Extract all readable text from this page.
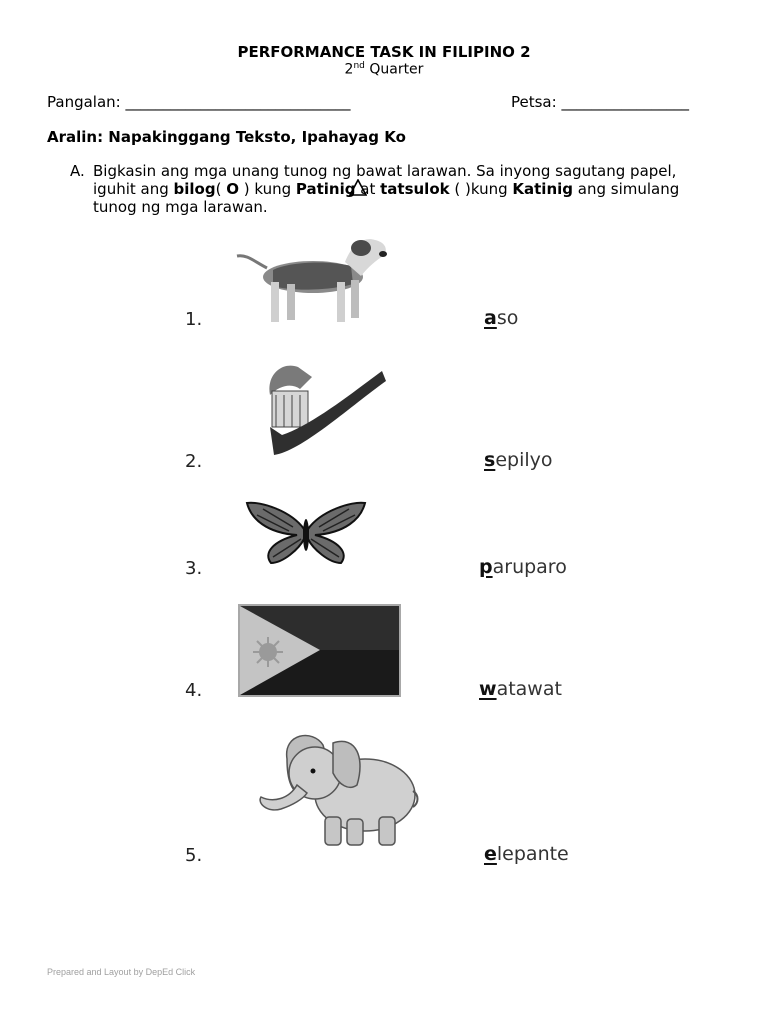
PERFORMANCE TASK IN FILIPINO 2
2nd Quarter
Pangalan: ______________________________	Petsa: _________________
Aralin: Napakinggang Teksto, Ipahayag Ko
A. Bigkasin ang mga unang tunog ng bawat larawan. Sa inyong sagutang papel,
iguhit ang bilog( O ) kung Patinig at tatsulok
( )kung Katinig ang simulang
tunog ng mga larawan.
1.	aso
2.	sepilyo
3.	paruparo
4.	watawat
5.	elepante
Prepared and Layout by DepEd Click
